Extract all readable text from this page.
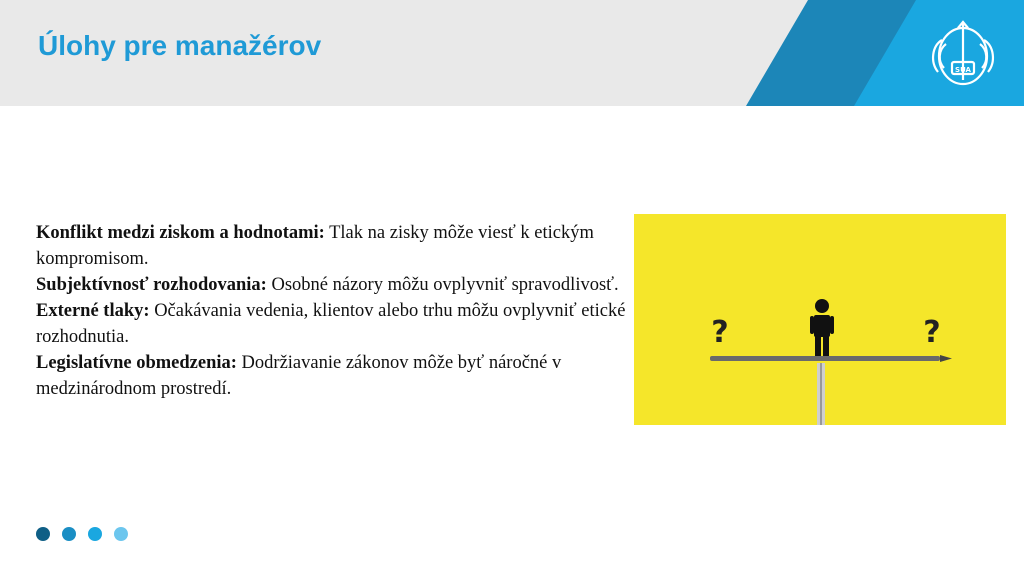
Úlohy pre manažérov
SUA

Konflikt medzi ziskom a hodnotami: Tlak na zisky môže viesť k etickým kompromisom.

Subjektívnosť rozhodovania: Osobné názory môžu ovplyvniť spravodlivosť.

Externé tlaky: Očakávania vedenia, klientov alebo trhu môžu ovplyvniť etické rozhodnutia.

Legislatívne obmedzenia: Dodržiavanie zákonov môže byť náročné v medzinárodnom prostredí.

?	?
